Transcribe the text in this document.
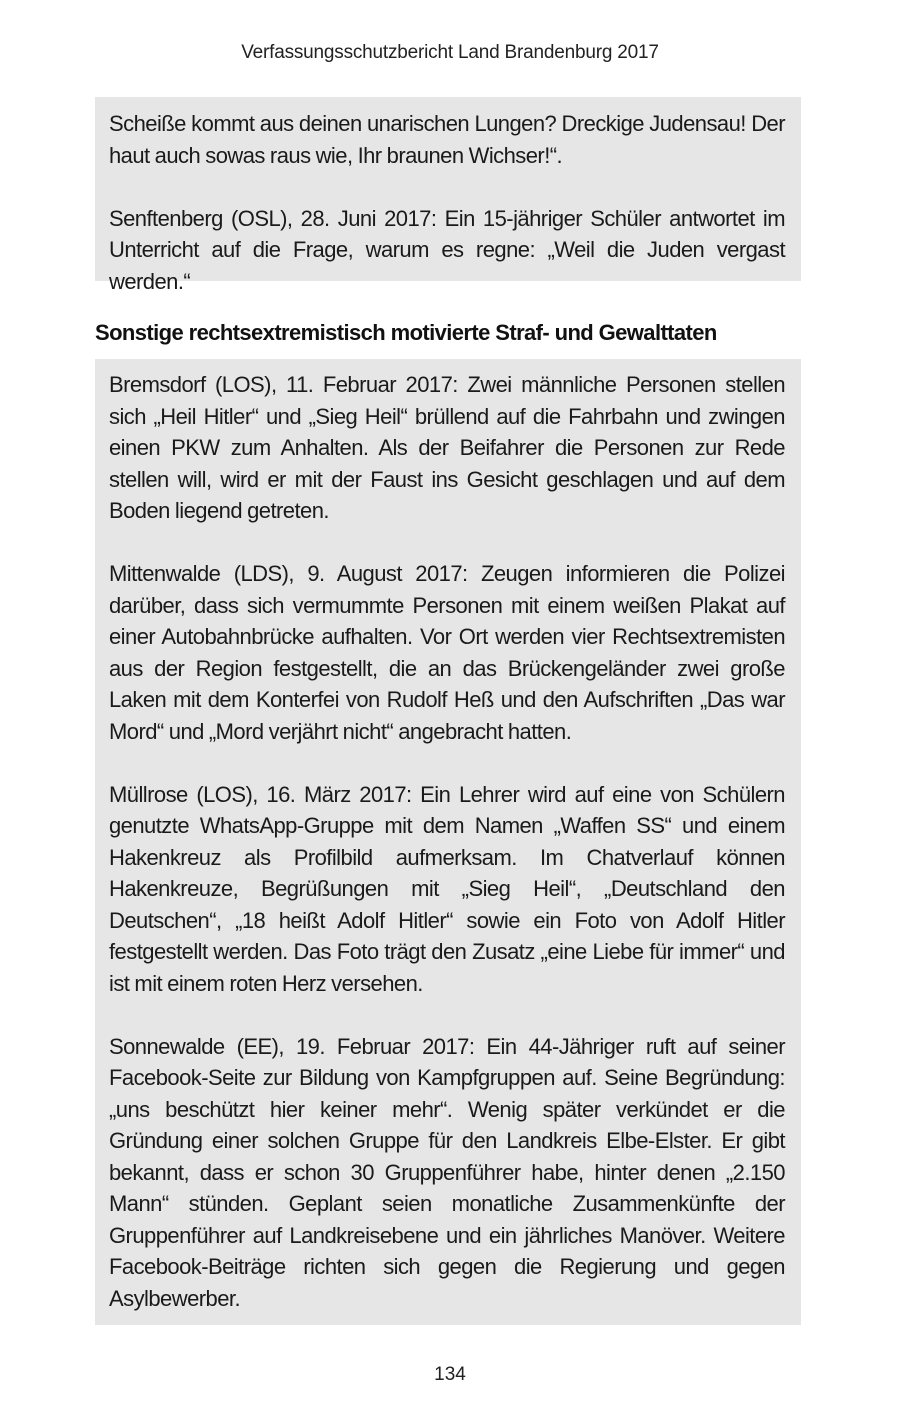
Verfassungsschutzbericht Land Brandenburg 2017

Scheiße kommt aus deinen unarischen Lungen? Dreckige Judensau! Der haut auch sowas raus wie, Ihr braunen Wichser!“.

Senftenberg (OSL), 28. Juni 2017: Ein 15-jähriger Schüler antwortet im Unterricht auf die Frage, warum es regne: „Weil die Juden vergast werden.“

Sonstige rechtsextremistisch motivierte Straf- und Gewalttaten

Bremsdorf (LOS), 11. Februar 2017: Zwei männliche Personen stellen sich „Heil Hitler“ und „Sieg Heil“ brüllend auf die Fahrbahn und zwingen einen PKW zum Anhalten. Als der Beifahrer die Personen zur Rede stellen will, wird er mit der Faust ins Gesicht geschlagen und auf dem Boden liegend getreten.

Mittenwalde (LDS), 9. August 2017: Zeugen informieren die Polizei darüber, dass sich vermummte Personen mit einem weißen Plakat auf einer Autobahnbrücke aufhalten. Vor Ort werden vier Rechtsextremisten aus der Region festgestellt, die an das Brückengeländer zwei große Laken mit dem Konterfei von Rudolf Heß und den Aufschriften „Das war Mord“ und „Mord verjährt nicht“ angebracht hatten.

Müllrose (LOS), 16. März 2017: Ein Lehrer wird auf eine von Schülern genutzte WhatsApp-Gruppe mit dem Namen „Waffen SS“ und einem Hakenkreuz als Profilbild aufmerksam. Im Chatverlauf können Hakenkreuze, Begrüßungen mit „Sieg Heil“, „Deutschland den Deutschen“, „18 heißt Adolf Hitler“ sowie ein Foto von Adolf Hitler festgestellt werden. Das Foto trägt den Zusatz „eine Liebe für immer“ und ist mit einem roten Herz versehen.

Sonnewalde (EE), 19. Februar 2017: Ein 44-Jähriger ruft auf seiner Facebook-Seite zur Bildung von Kampfgruppen auf. Seine Begründung: „uns beschützt hier keiner mehr“. Wenig später verkündet er die Gründung einer solchen Gruppe für den Landkreis Elbe-Elster. Er gibt bekannt, dass er schon 30 Gruppenführer habe, hinter denen „2.150 Mann“ stünden. Geplant seien monatliche Zusammenkünfte der Gruppenführer auf Landkreisebene und ein jährliches Manöver. Weitere Facebook-Beiträge richten sich gegen die Regierung und gegen Asylbewerber.

134
